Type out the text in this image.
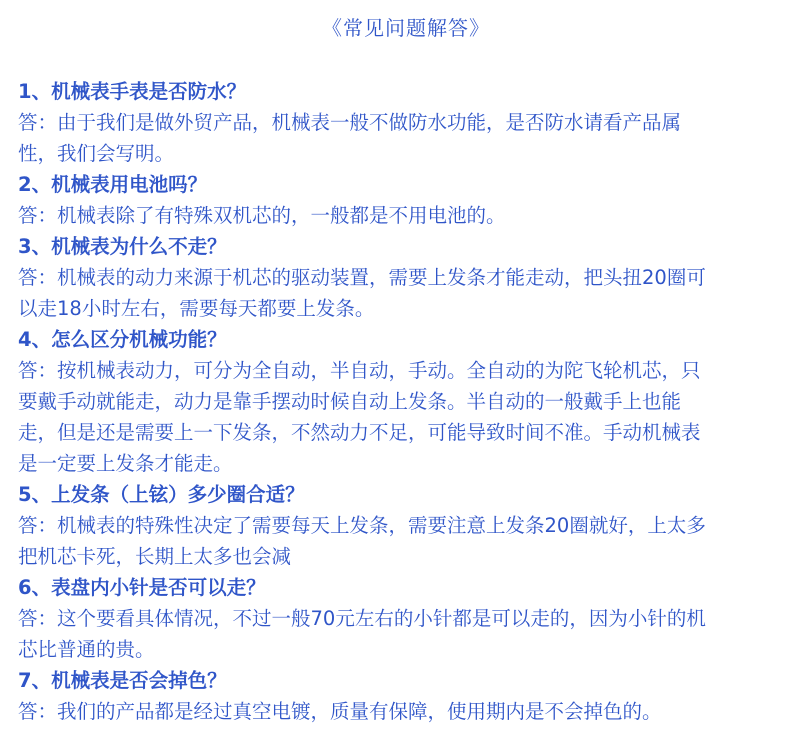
《常见问题解答》
1、机械表手表是否防水？
答：由于我们是做外贸产品，机械表一般不做防水功能，是否防水请看产品属
性，我们会写明。
2、机械表用电池吗？
答：机械表除了有特殊双机芯的，一般都是不用电池的。
3、机械表为什么不走？
答：机械表的动力来源于机芯的驱动装置，需要上发条才能走动，把头扭20圈可
以走18小时左右，需要每天都要上发条。
4、怎么区分机械功能？
答：按机械表动力，可分为全自动，半自动，手动。全自动的为陀飞轮机芯，只
要戴手动就能走，动力是靠手摆动时候自动上发条。半自动的一般戴手上也能
走，但是还是需要上一下发条，不然动力不足，可能导致时间不准。手动机械表
是一定要上发条才能走。
5、上发条（上铉）多少圈合适？
答：机械表的特殊性决定了需要每天上发条，需要注意上发条20圈就好，上太多
把机芯卡死，长期上太多也会减
6、表盘内小针是否可以走？
答：这个要看具体情况，不过一般70元左右的小针都是可以走的，因为小针的机
芯比普通的贵。
7、机械表是否会掉色？
答：我们的产品都是经过真空电镀，质量有保障，使用期内是不会掉色的。
